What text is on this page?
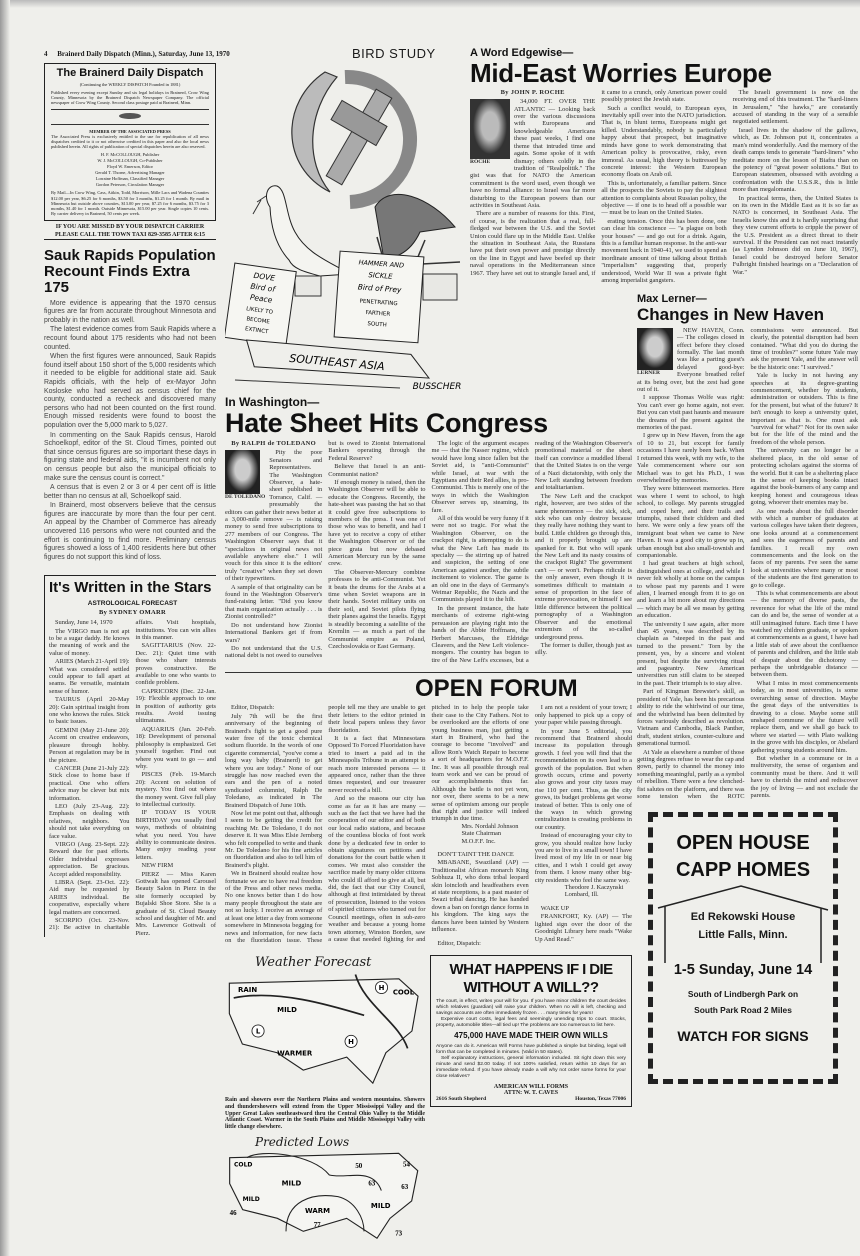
4 Brainerd Daily Dispatch (Minn.), Saturday, June 13, 1970	BIRD STUDY
The Brainerd Daily Dispatch
(Continuing the WEEKLY DISPATCH Founded in 1881)
Published every evening except Sunday and six legal holidays in Brainerd, Crow Wing County, Minnesota by the Brainerd Dispatch Newspaper Company. The official newspaper of Crow Wing County. Second class postage paid at Brainerd, Minn.
MEMBER OF THE ASSOCIATED PRESS
The Associated Press is exclusively entitled to the use for republication of all news dispatches credited to it or not otherwise credited in this paper and also the local news published herein. All rights of publication of special dispatches herein are also reserved.
H. F. McCOLLOUGH, Publisher
W. J. McCOLLOUGH, Co-Publisher
Floyd W. Emerson, Editor
Gerald T. Thorne, Advertising Manager
Lorraine Hoffman, Classified Manager
Gordon Peterson, Circulation Manager
By Mail—In Crow Wing, Cass, Aitkin, Todd, Morrison, Mille Lacs and Wadena Counties $12.00 per year, $6.25 for 6 months, $3.50 for 3 months, $1.25 for 1 month. By mail in Minnesota but outside above counties, $13.00 per year, $7.25 for 6 months, $3.75 for 3 months, $1.40 for 1 month. Outside Minnesota, $15.00 per year. Single copies 10 cents. By carrier delivery in Brainerd, 50 cents per week.
IF YOU ARE MISSED BY YOUR DISPATCH CARRIER
PLEASE CALL THE TOWN TAXI 829-3585 AFTER 6:15
Sauk Rapids Population
Recount Finds Extra 175

More evidence is appearing that the 1970 census figures are far from accurate throughout Minnesota and probably in the nation as well.

The latest evidence comes from Sauk Rapids where a recount found about 175 residents who had not been counted.

When the first figures were announced, Sauk Rapids found itself about 150 short of the 5,000 residents which it needed to be eligible for additional state aid. Sauk Rapids officials, with the help of ex-Mayor John Kosloske who had served as census chief for the county, conducted a recheck and discovered many persons who had not been counted on the first round. Enough missed residents were found to boost the population over the 5,000 mark to 5,027.

In commenting on the Sauk Rapids census, Harold Schoelkopf, editor of the St. Cloud Times, pointed out that since census figures are so important these days in figuring state and federal aids, "it is incumbent not only on census people but also the municipal officials to make sure the census count is correct."

A census that is even 2 or 3 or 4 per cent off is little better than no census at all, Schoelkopf said.

In Brainerd, most observers believe that the census figures are inaccurate by more than the four per cent. An appeal by the Chamber of Commerce has already uncovered 116 persons who were not counted and the effort is continuing to find more. Preliminary census figures showed a loss of 1,400 residents here but other figures do not support this kind of loss.

It's Written in the Stars
ASTROLOGICAL FORECAST
By SYDNEY OMARR

Sunday, June 14, 1970

The VIRGO man is not apt to be a sugar daddy. He knows the meaning of work and the value of money.

ARIES (March 21-April 19): What was considered settled could appear to fall apart at seams. Be versatile, maintain sense of humor.

TAURUS (April 20-May 20): Gain spiritual insight from one who knows the rules. Stick to basic issues.

GEMINI (May 21-June 20): Accent on creative endeavors, pleasure through hobby. Person at regulation may be in the picture.

CANCER (June 21-July 22): Stick close to home base if practical. One who offers advice may be clever but mix information.

LEO (July 23-Aug. 22): Emphasis on dealing with relatives, neighbors. You should not take everything on face value.

VIRGO (Aug. 23-Sept. 22): Reward due for past efforts. Older individual expresses appreciation. Be gracious. Accept added responsibility.

LIBRA (Sept. 23-Oct. 22): Aid may be requested by ARIES individual. Be cooperative, especially where legal matters are concerned.

SCORPIO (Oct. 23-Nov. 21): Be active in charitable affairs. Visit hospitals, institutions. You can win allies in this manner.

SAGITTARIUS (Nov. 22-Dec. 21): Quiet time with those who share interests proves constructive. Be available to one who wants to confide problem.

CAPRICORN (Dec. 22-Jan. 19): Flexible approach to one in position of authority gets results. Avoid issuing ultimatums.

AQUARIUS (Jan. 20-Feb. 18): Development of personal philosophy is emphasized. Get yourself together. Find out where you want to go — and why.

PISCES (Feb. 19-March 20): Accent on solution of mystery. You find out where the money went. Give full play to intellectual curiosity.

IF TODAY IS YOUR BIRTHDAY you usually find ways, methods of obtaining what you need. You have ability to communicate desires. Many enjoy reading your letters.

NEW FIRM

PIERZ — Miss Karen Gottwalt has opened Carousel Beauty Salon in Pierz in the site formerly occupied by Bujalski Shoe Store. She is a graduate of St. Cloud Beauty school and daughter of Mr. and Mrs. Lawrence Gottwalt of Pierz.

DOVE
Bird of
Peace
LIKELY TO
BECOME
EXTINCT
HAMMER AND
SICKLE
Bird of Prey
PENETRATING
FARTHER
SOUTH
SOUTHEAST ASIA
BUSSCHER
A Word Edgewise—
Mid-East Worries Europe
By JOHN P. ROCHE
ROCHE

34,000 FT. OVER THE ATLANTIC — Looking back over the various discussions with Europeans and knowledgeable Americans these past weeks, I find one theme that intruded time and again. Some spoke of it with dismay; others coldly in the tradition of "Realpolitik." The gist was that for NATO the American commitment is the word used, even though we have no formal alliance: to Israel was far more disturbing to the European powers than our activities in Southeast Asia.

There are a number of reasons for this. First, of course, is the realization that a real, full-fledged war between the U.S. and the Soviet Union could flare up in the Middle East. Unlike the situation in Southeast Asia, the Russians have put their own power and prestige directly on the line in Egypt and have beefed up their naval operations in the Mediterranean since 1967. They have set out to strangle Israel and, if it came to a crunch, only American power could possibly protect the Jewish state.

Such a conflict would, to European eyes, inevitably spill over into the NATO jurisdiction. That is, in blunt terms, Europeans might get killed. Understandably, nobody is particularly happy about that prospect, but imaginative minds have gone to work demonstrating that American policy is provocative, risky, even immoral. As usual, high theory is buttressed by concrete interest: the Western European economy floats on Arab oil.

This is, unfortunately, a familiar pattern. Since all the prospects the Soviets to pay the slightest attention to complaints about Russian policy, the objective — if one is to head off a possible war — must be to lean on the United States.

erating tension. Once this has been done, one can clear his conscience — "a plague on both your houses" — and go out for a drink. Again, this is a familiar human response. In the anti-war movement back in 1940-41, we used to spend an inordinate amount of time talking about British "imperialism" suggesting that, properly understood, World War II was a private fight among imperialist gangsters.

The Israeli government is now on the receiving end of this treatment. The "hard-liners in Jerusalem," "the hawks," are constantly accused of standing in the way of a sensible negotiated settlement.

Israel lives in the shadow of the gallows, which, as Dr. Johnson put it, concentrates a man's mind wonderfully. And the memory of the death camps tends to generate "hard-liners" who meditate more on the lesson of Biafra than on the potency of "great power solutions." But to European statesmen, obsessed with avoiding a confrontation with the U.S.S.R., this is little more than megalomania.

In practical terms, then, the United States is on its own in the Middle East as it is so far as NATO is concerned, in Southeast Asia. The Israelis know this and it is hardly surprising that they view current efforts to cripple the power of the U.S. President as a direct threat to their survival. If the President can not react instantly (as Lyndon Johnson did on June 10, 1967), Israel could be destroyed before Senator Fulbright finished hearings on a "Declaration of War."

Max Lerner—
Changes in New Haven
LERNER

NEW HAVEN, Conn. — The colleges closed in effect before they closed formally. The last month was like a parting guest's delayed good-bye: Everyone breathed relief at its being over, but the zest had gone out of it.

I suppose Thomas Wolfe was right: You can't ever go home again, not ever. But you can visit past haunts and measure the dreams of the present against the memories of the past.

I grew up in New Haven, from the age of 10 to 21, but except for family occasions I have rarely been back. When I returned this week, with my wife, to the Yale commencement where our son Michael was to get his Ph.D., I was overwhelmed by memories.

They were bittersweet memories. Here was where I went to school, to high school, to college. My parents struggled and coped here, and their trails and triumphs, raised their children and died here. We were only a few years off the immigrant boat when we came to New Haven. It was a good city to grow up in, urban enough but also small-townish and companionable.

I had great teachers at high school, distinguished ones at college, and while I never felt wholly at home on the campus to whose past my parents and I were alien, I learned enough from it to go on and learn a bit more about my directions — which may be all we mean by getting an education.

The university I saw again, after more than 45 years, was described by its chaplain as "steeped in the past and turned to the present." Torn by the present, yes, by a sincere and violent present, but despite the surviving ritual and pageantry. New American universities run still claim to be steeped in the past. Their triumph is to stay alive.

Part of Kingman Brewster's skill, as president of Yale, has been his precarious ability to ride the whirlwind of our time, and the whirlwind has been delimited by forces variously described as revolution. Vietnam and Cambodia, Black Panther, draft, student strikes, counter-culture and generational turmoil.

At Yale as elsewhere a number of those getting degrees refuse to wear the cap and gown, partly to channel the money into something meaningful, partly as a symbol of rebellion. There were a few clenched-fist salutes on the platform, and there was some tension when the ROTC commissions were announced. But clearly, the potential disruption had been contained. "What did you do during the time of troubles?" some future Yale may ask the present Yale, and the answer will be the historic one: "I survived."

Yale is lucky in not having any speeches at its degree-granting commencement, whether by students, administration or outsiders. This is fine for the present, but what of the future? It isn't enough to keep a university quiet, important as that is. One must ask "survival for what?" Not for its own sake but for the life of the mind and the freedom of the whole person.

The university can no longer be a sheltered place, in the old sense of protecting scholars against the storms of the world. But it can be a sheltering place in the sense of keeping books intact against the book-burners of any camp and keeping honest and courageous ideas going, whoever their enemies may be.

As one reads about the full disorder with which a number of graduates at various colleges have taken their degrees, one looks around at a commencement and sees the eagerness of parents and families. I recall my own commencements and the look on the faces of my parents. I've seen the same look at universities where many or most of the students are the first generation to go to college.

This is what commencements are about — the memory of diverse pasts, the reverence for what the life of the mind can do and be, the sense of wonder at a still unimagined future. Each time I have watched my children graduate, or spoken at commencements as a guest, I have had a little stab of awe about the confluence of parents and children, and the little stab of despair about the dichotomy — perhaps the unbridgeable distance — between them.

What I miss in most commencements today, as in most universities, is some overarching sense of direction. Maybe the great days of the universities is drawing to a close. Maybe some still unshaped commune of the future will replace them, and we shall go back to where we started — with Plato walking in the grove with his disciples, or Abelard gathering young students around him.

But whether in a commune or in a multiversity, the sense of organism and community must be there. And it will have to cherish the mind and rediscover the joy of living — and not exclude the parents.

OPEN HOUSE
CAPP HOMES
Ed Rekowski House
Little Falls, Minn.
1-5 Sunday, June 14
South of Lindbergh Park on
South Park Road 2 Miles
WATCH FOR SIGNS
In Washington—
Hate Sheet Hits Congress
By RALPH de TOLEDANO
DE TOLEDANO

Pity the poor Senators and Representatives. The Washington Observer, a hate-sheet published in Torrance, Calif. — presumably the editors can gather their news better at a 3,000-mile remove — is raising money to send free subscriptions to 277 members of our Congress. The Washington Observer says that it "specializes in original news not available anywhere else." I will vouch for this since it is the editors' truly "creative" when they set down of their typewriters.

A sample of that originality can be found in the Washington Observer's fund-raising letter. "Did you know that main organization actually . . . is Zionist controlled?"

Do not understand how Zionist International Bankers get if from wars?

Do not understand that the U.S. national debt is not owed to ourselves but is owed to Zionist International Bankers operating through the Federal Reserve?

Believe that Israel is an anti-Communist nation?

If enough money is raised, then the Washington Observer will be able to educate the Congress. Recently, the hate-sheet was passing the hat so that it could give free subscriptions to members of the press. I was one of those who was to benefit, and had I have yet to receive a copy of either the Washington Observer or of the piece grata but now debased American Mercury run by the same crew.

The Observer-Mercury combine professes to be anti-Communist. Yet it beats the drums for the Arabs at a time when Soviet weapons are in their hands. Soviet military units on their soil, and Soviet pilots flying their planes against the Israelis. Egypt is steadily becoming a satellite of the Kremlin — as much a part of the Communist empire as Poland, Czechoslovakia or East Germany.

The logic of the argument escapes me — that the Nasser regime, which would have long since fallen but the Soviet aid, is "anti-Communist" while Israel, at war with the Egyptians and their Red allies, is pro-Communist. This is merely one of the ways in which the Washington Observer serves up, steaming, its fare.

All of this would be very funny if it were not so tragic. For what the Washington Observer, on the crackpot right, is attempting to do is what the New Left has made its specialty — the stirring up of hatred and suspicion, the setting of one American against another, the subtle incitement to violence. The game is an old one in the days of Germany's Weimar Republic, the Nazis and the Communists played it to the hilt.

In the present instance, the hate merchants of extreme right-wing persuasion are playing right into the hands of the Abbie Hoffmans, the Herbert Marcuses, the Eldridge Cleavers, and the New Left violence-mongers. The country has begun to tire of the New Left's excesses, but a reading of the Washington Observer's promotional material or the sheet itself can convince a muddled liberal that the United States is on the verge of a Nazi dictatorship, with only the New Left standing between freedom and totalitarianism.

The New Left and the crackpot right, however, are two sides of the same phenomenon — the sick, sick, sick who can only destroy because they really have nothing they want to build. Little children go through this, and it properly brought up are spanked for it. But who will spank the New Left and its nasty cousins of the crackpot Right? The government can't — or won't. Perhaps ridicule is the only answer, even though it is sometimes difficult to maintain a sense of proportion in the face of extreme provocation, or himself I see little difference between the political pornography of a Washington Observer and the emotional extremism of the so-called underground press.

The former is duller, though just as silly.

OPEN FORUM

Editor, Dispatch:

July 7th will be the first anniversary of the beginning of Brainerd's fight to get a good pure water free of the toxic chemical sodium fluoride. In the words of one cigarette commercial, "you've come a long way baby (Brainerd) to get where you are today." None of our struggle has now reached even the ears and the pen of a noted syndicated columnist, Ralph De Toledano, as indicated in The Brainerd Dispatch of June 10th.

Now let me point out that, although I seem to be getting the credit for reaching Mr. De Toledano, I do not deserve it. It was Miss Elsie Jernberg who felt compelled to write and thank Mr. De Toledano for his fine articles on fluoridation and also to tell him of Brainerd's plight.

We in Brainerd should realize how fortunate we are to have real freedom of the Press and other news media. No one knows better than I do how many people throughout the state are not so lucky. I receive an average of at least one letter a day from someone somewhere in Minnesota begging for news and information, for new facts on the fluoridation issue. These people tell me they are unable to get their letters to the editor printed in their local papers unless they favor fluoridation.

It is a fact that Minnesotans Opposed To Forced Fluoridation have tried to insert a paid ad in the Minneapolis Tribune in an attempt to reach more interested persons — it appeared once, rather than the three times requested, and our treasurer never received a bill.

And so the reasons our city has come as far as it has are many — such as the fact that we have had the cooperation of our editor and of both our local radio stations, and because of the countless blocks of foot work done by a dedicated few in order to obtain signatures on petitions and donations for the court battle when it comes. We must also consider the sacrifice made by many older citizens who could ill afford to give at all, but did, the fact that our City Council, although at first intimidated by threat of prosecution, listened to the voices of spirited citizens who turned out for Council meetings, often in sub-zero weather and because a young home town attorney, Winston Borden, saw a cause that needed fighting for and pitched in to help the people take their case to the City Fathers. Not to be overlooked are the efforts of one young business man, just getting a start in Brainerd, who had the courage to become "involved" and allow Ron's Watch Repair to become a sort of headquarters for M.O.F.F. Inc. It was all possible through real team work and we can be proud of our accomplishments thus far. Although the battle is not yet won, nor over, there seems to be a new sense of optimism among our people that right and justice will indeed triumph in due time.

Mrs. Nordahl Johnson
State Chairman
M.O.F.F. Inc.

DON'T TAINT THE DANCE

MBABANE, Swaziland (AP) — Traditionalist African monarch King Sobhuza II, who dons tribal leopard skin loincloth and headfeathers even at state receptions, is a past master of Swazi tribal dancing. He has handed down a ban on foreign dance forms in his kingdom. The king says the dances have been tainted by Western influence.

Editor, Dispatch:

I am not a resident of your town; I only happened to pick up a copy of your paper while passing through.

In your June 5 editorial, you recommend that Brainerd should increase its population through growth. I feel you will find that the recommendation on its own lead to a growth of the population. But when growth occurs, crime and poverty also grows and your city taxes may rise 110 per cent. Thus, as the city grows, its budget problems get worse instead of better. This is only one of the ways in which growing centralization is creating problems in our country.

Instead of encouraging your city to grow, you should realize how lucky you are to live in a small town! I have lived most of my life in or near big cities, and I wish I could get away from them. I know many other big-city residents who feel the same way.

Theodore J. Kaczynski
Lombard, Ill.

WAKE UP

FRANKFORT, Ky. (AP) — The lighted sign over the door of the Goodnight Library here reads "Wake Up And Read."

Weather Forecast
RAIN
MILD
WARMER
COOL
H
L
H
Rain and showers over the Northern Plains and western mountains. Showers and thundershowers will extend from the Upper Mississippi Valley and the Upper Great Lakes southeastward thru the Central Ohio Valley to the Middle Atlantic Coast. Warmer in the South Plains and Middle Mississippi Valley with little change elsewhere.
Predicted Lows
COLD
MILD
MILD
WARM
MILD
50	54
63	63
46
77
73
WHAT HAPPENS IF I DIE
WITHOUT A WILL??
The court, in effect, writes your will for you. If you have minor children the court decides which relatives (guardian) will raise your children. When no will is left, checking and savings accounts are often immediately frozen . . . many times for years!
Expensive court costs, legal fees and seemingly unending trips to court. Stocks, property, automobile titles—all tied up! The problems are too numerous to list here.
475,000 HAVE MADE THEIR OWN WILLS
Anyone can do it. American Will Forms have published a simple but binding, legal will form that can be completed in minutes. (Valid in 50 states).
Self explanatory instructions, general information included. Sit right down this very minute and send $2.00 today. If not 100% satisfied, return within 10 days for an immediate refund. If you have already made a will why not order some forms for your close relatives?
AMERICAN WILL FORMS
ATTN: W. T. CAVES
2616 South Shepherd	Houston, Texas 77006
